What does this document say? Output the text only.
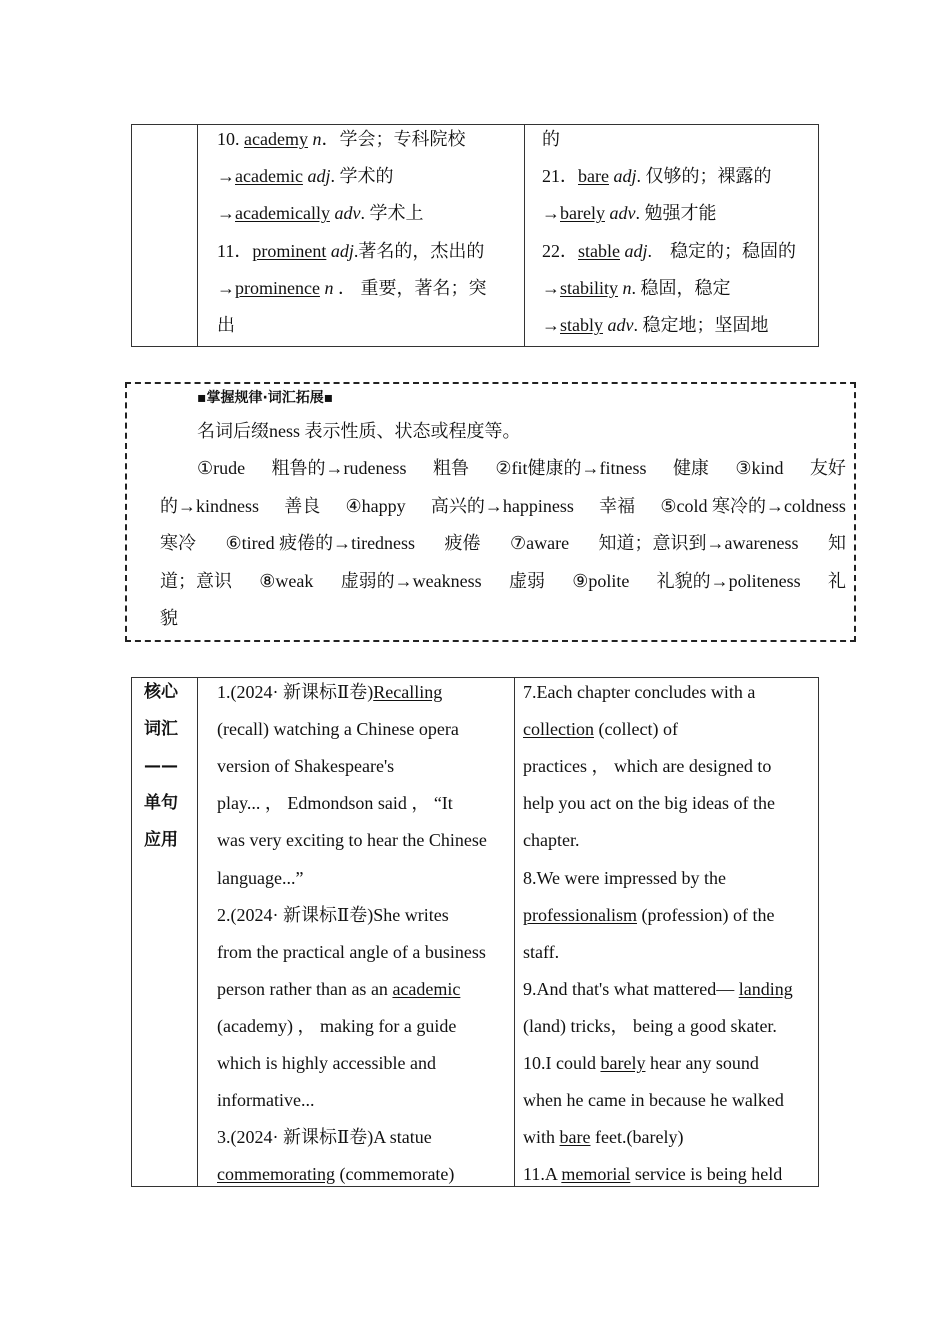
10. academy n．学会；专科院校
→academic adj. 学术的
→academically adv. 学术上
11．prominent adj.著名的，杰出的
→prominence n ． 重要，著名；突
出
的
21．bare adj. 仅够的；裸露的
→barely adv. 勉强才能
22．stable adj.　稳定的；稳固的
→stability n. 稳固，稳定
→stably adv. 稳定地；坚固地
▪掌握规律·词汇拓展▪
名词后缀ness 表示性质、状态或程度等。
①rude 粗鲁的→rudeness 粗鲁 ②fit健康的→fitness 健康 ③kind 友好
的→kindness 善良 ④happy 高兴的→happiness 幸福 ⑤cold 寒冷的→coldness
寒冷 ⑥tired 疲倦的→tiredness 疲倦 ⑦aware 知道；意识到→awareness 知
道；意识 ⑧weak 虚弱的→weakness 虚弱 ⑨polite 礼貌的→politeness 礼
貌
核心
词汇
——
单句
应用
1.(2024· 新课标Ⅱ卷)Recalling
(recall) watching a Chinese opera
version of Shakespeare's
play... ， Edmondson said ， “It
was very exciting to hear the Chinese
language...”
2.(2024· 新课标Ⅱ卷)She writes
from the practical angle of a business
person rather than as an academic
(academy) ， making for a guide
which is highly accessible and
informative...
3.(2024· 新课标Ⅱ卷)A statue
commemorating (commemorate)
7.Each chapter concludes with a
collection (collect) of
practices ， which are designed to
help you act on the big ideas of the
chapter.
8.We were impressed by the
professionalism (profession) of the
staff.
9.And that's what mattered— landing
(land) tricks， being a good skater.
10.I could barely hear any sound
when he came in because he walked
with bare feet.(barely)
11.A memorial service is being held
